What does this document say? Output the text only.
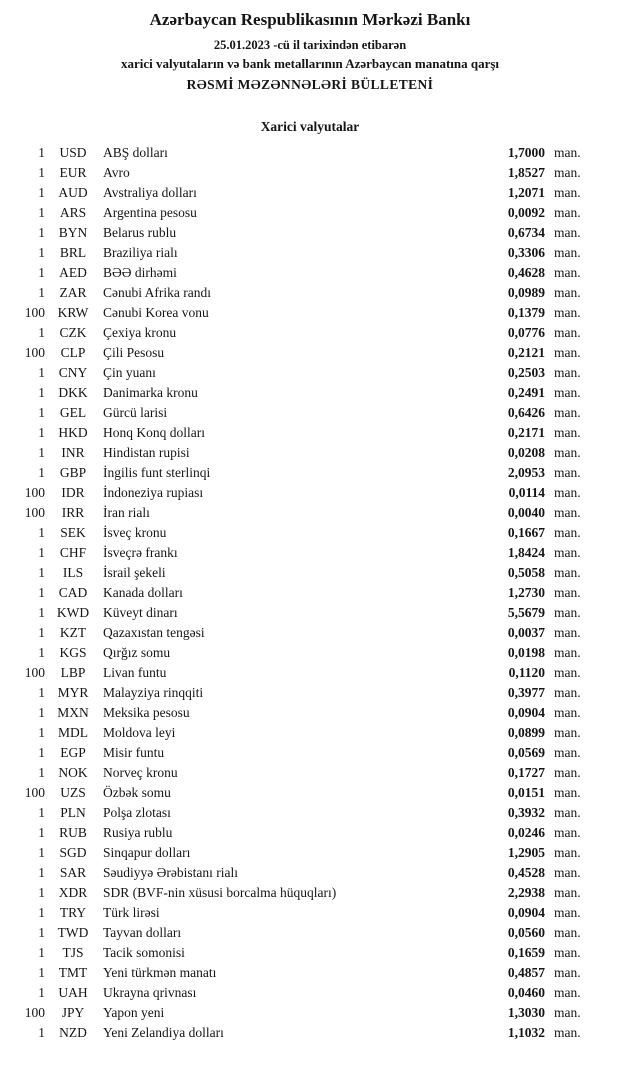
Azərbaycan Respublikasının Mərkəzi Bankı
25.01.2023 -cü il tarixindən etibarən
xarici valyutaların və bank metallarının Azərbaycan manatına qarşı
RƏSMİ MƏZƏNNƏLƏRİ BÜLLETENİ
Xarici valyutalar
1	USD	ABŞ dolları	1,7000 man.
1	EUR	Avro	1,8527 man.
1 AUD	Avstraliya dolları	1,2071 man.
1	ARS	Argentina pesosu	0,0092 man.
1	BYN	Belarus rublu	0,6734 man.
1	BRL	Braziliya rialı	0,3306 man.
1	AED	BƏƏ dirhəmi	0,4628 man.
1	ZAR	Cənubi Afrika randı	0,0989 man.
100 KRW	Cənubi Korea vonu	0,1379 man.
1	CZK	Çexiya kronu	0,0776 man.
100	CLP	Çili Pesosu	0,2121 man.
1	CNY	Çin yuanı	0,2503 man.
1 DKK	Danimarka kronu	0,2491 man.
1	GEL	Gürcü larisi	0,6426 man.
1 HKD	Honq Konq dolları	0,2171 man.
1	INR	Hindistan rupisi	0,0208 man.
1	GBP	İngilis funt sterlinqi	2,0953 man.
100	IDR	İndoneziya rupiası	0,0114 man.
100	IRR	İran rialı	0,0040 man.
1	SEK	İsveç kronu	0,1667 man.
1	CHF	İsveçrə frankı	1,8424 man.
1	ILS	İsrail şekeli	0,5058 man.
1	CAD	Kanada dolları	1,2730 man.
1 KWD Küveyt dinarı	5,5679 man.
1	KZT	Qazaxıstan tengəsi	0,0037 man.
1	KGS	Qırğız somu	0,0198 man.
100	LBP	Livan funtu	0,1120 man.
1 MYR	Malayziya rinqqiti	0,3977 man.
1 MXN	Meksika pesosu	0,0904 man.
1 MDL	Moldova leyi	0,0899 man.
1	EGP	Misir funtu	0,0569 man.
1 NOK	Norveç kronu	0,1727 man.
100	UZS	Özbək somu	0,0151 man.
1	PLN	Polşa zlotası	0,3932 man.
1	RUB	Rusiya rublu	0,0246 man.
1	SGD	Sinqapur dolları	1,2905 man.
1	SAR	Səudiyyə Ərəbistanı rialı	0,4528 man.
1	XDR	SDR (BVF-nin xüsusi borcalma hüquqları)	2,2938 man.
1	TRY	Türk lirəsi	0,0904 man.
1 TWD	Tayvan dolları	0,0560 man.
1	TJS	Tacik somonisi	0,1659 man.
1	TMT	Yeni türkmən manatı	0,4857 man.
1 UAH	Ukrayna qrivnası	0,0460 man.
100	JPY	Yapon yeni	1,3030 man.
1	NZD	Yeni Zelandiya dolları	1,1032 man.
